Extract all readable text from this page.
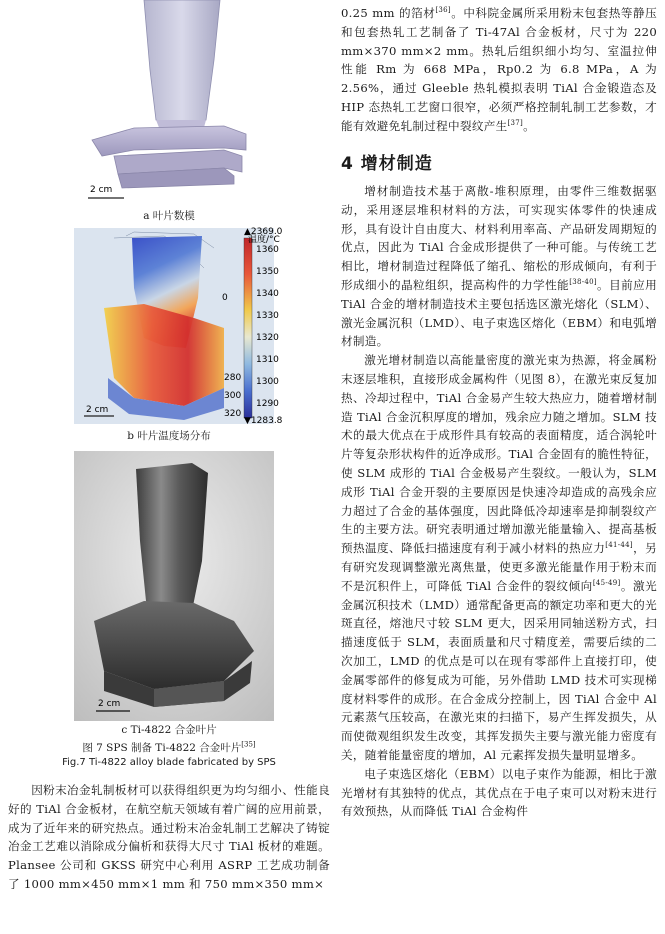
2 cm
a 叶片数模
▲2369.0
温度/°C
1360
1350
1340
1330
1320
1310
1300
1290
▼1283.8
0
280
300
320
2 cm
b 叶片温度场分布
2 cm
c Ti-4822 合金叶片
图 7 SPS 制备 Ti-4822 合金叶片[35]
Fig.7 Ti-4822 alloy blade fabricated by SPS
因粉末冶金轧制板材可以获得组织更为均匀细小、性能良好的 TiAl 合金板材，在航空航天领域有着广阔的应用前景，成为了近年来的研究热点。通过粉末冶金轧制工艺解决了铸锭冶金工艺难以消除成分偏析和获得大尺寸 TiAl 板材的难题。Plansee 公司和 GKSS 研究中心利用 ASRP 工艺成功制备了 1000 mm×450 mm×1 mm 和 750 mm×350 mm×

0.25 mm 的箔材[36]。中科院金属所采用粉末包套热等静压和包套热轧工艺制备了 Ti-47Al 合金板材，尺寸为 220 mm×370 mm×2 mm。热轧后组织细小均匀、室温拉伸性能 Rm 为 668 MPa，Rp0.2 为 6.8 MPa，A 为 2.56%，通过 Gleeble 热轧模拟表明 TiAl 合金锻造态及 HIP 态热轧工艺窗口很窄，必须严格控制轧制工艺参数，才能有效避免轧制过程中裂纹产生[37]。

4 增材制造

增材制造技术基于离散-堆积原理，由零件三维数据驱动，采用逐层堆积材料的方法，可实现实体零件的快速成形，具有设计自由度大、材料利用率高、产品研发周期短的优点，因此为 TiAl 合金成形提供了一种可能。与传统工艺相比，增材制造过程降低了缩孔、缩松的形成倾向，有利于形成细小的晶粒组织，提高构件的力学性能[38-40]。目前应用 TiAl 合金的增材制造技术主要包括选区激光熔化（SLM）、激光金属沉积（LMD）、电子束选区熔化（EBM）和电弧增材制造。

激光增材制造以高能量密度的激光束为热源，将金属粉末逐层堆积，直接形成金属构件（见图 8），在激光束反复加热、冷却过程中，TiAl 合金易产生较大热应力，随着增材制造 TiAl 合金沉积厚度的增加，残余应力随之增加。SLM 技术的最大优点在于成形件具有较高的表面精度，适合涡轮叶片等复杂形状构件的近净成形。TiAl 合金固有的脆性特征，使 SLM 成形的 TiAl 合金极易产生裂纹。一般认为，SLM 成形 TiAl 合金开裂的主要原因是快速冷却造成的高残余应力超过了合金的基体强度，因此降低冷却速率是抑制裂纹产生的主要方法。研究表明通过增加激光能量输入、提高基板预热温度、降低扫描速度有利于减小材料的热应力[41-44]，另有研究发现调整激光离焦量，使更多激光能量作用于粉末而不是沉积件上，可降低 TiAl 合金件的裂纹倾向[45-49]。激光金属沉积技术（LMD）通常配备更高的额定功率和更大的光斑直径，熔池尺寸较 SLM 更大，因采用同轴送粉方式，扫描速度低于 SLM，表面质量和尺寸精度差，需要后续的二次加工，LMD 的优点是可以在现有零部件上直接打印，使金属零部件的修复成为可能，另外借助 LMD 技术可实现梯度材料零件的成形。在合金成分控制上，因 TiAl 合金中 Al 元素蒸气压较高，在激光束的扫描下，易产生挥发损失，从而使微观组织发生改变，其挥发损失主要与激光能力密度有关，随着能量密度的增加，Al 元素挥发损失量明显增多。

电子束选区熔化（EBM）以电子束作为能源，相比于激光增材有其独特的优点，其优点在于电子束可以对粉末进行有效预热，从而降低 TiAl 合金构件
